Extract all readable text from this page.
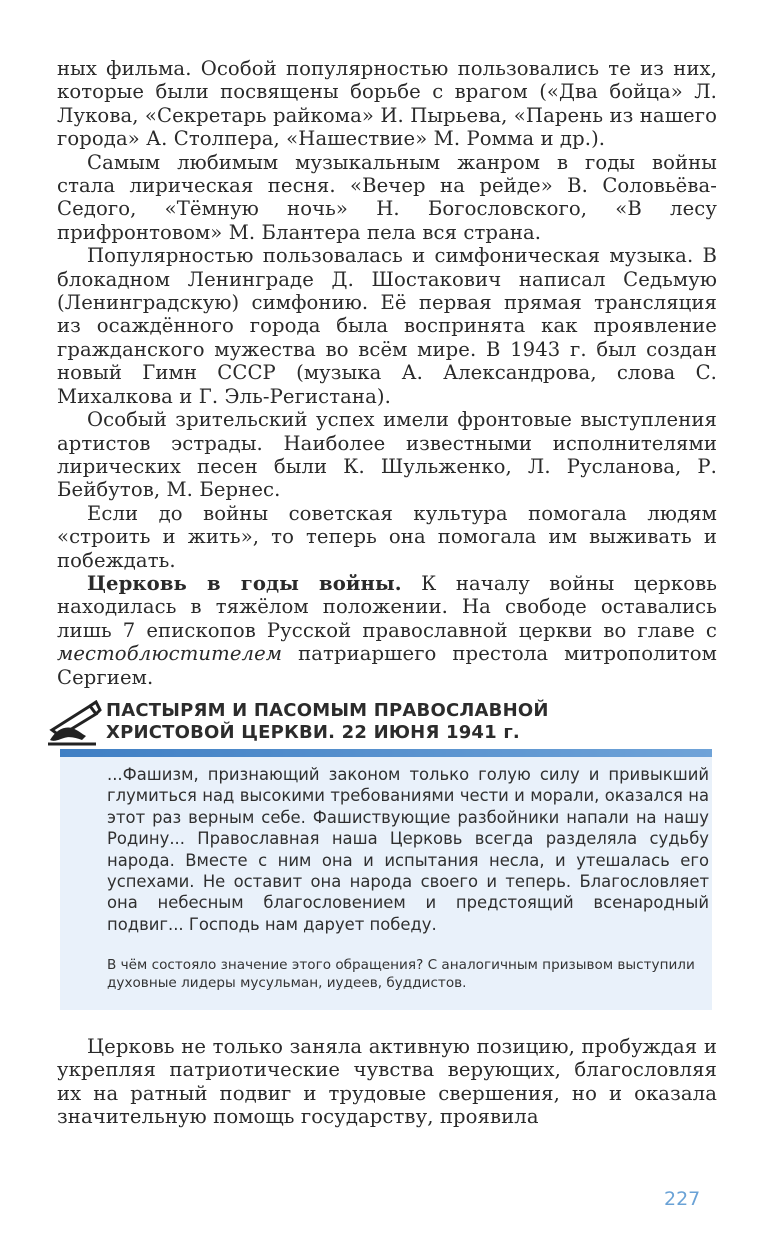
ных фильма. Особой популярностью пользовались те из них, которые были посвящены борьбе с врагом («Два бойца» Л. Лукова, «Секретарь райкома» И. Пырьева, «Парень из нашего города» А. Столпера, «Нашествие» М. Ромма и др.).

Самым любимым музыкальным жанром в годы войны стала лирическая песня. «Вечер на рейде» В. Соловьёва-Седого, «Тёмную ночь» Н. Богословского, «В лесу прифронтовом» М. Блантера пела вся страна.

Популярностью пользовалась и симфоническая музыка. В блокадном Ленинграде Д. Шостакович написал Седьмую (Ленинградскую) симфонию. Её первая прямая трансляция из осаждённого города была воспринята как проявление гражданского мужества во всём мире. В 1943 г. был создан новый Гимн СССР (музыка А. Александрова, слова С. Михалкова и Г. Эль-Регистана).

Особый зрительский успех имели фронтовые выступления артистов эстрады. Наиболее известными исполнителями лирических песен были К. Шульженко, Л. Русланова, Р. Бейбутов, М. Бернес.

Если до войны советская культура помогала людям «строить и жить», то теперь она помогала им выживать и побеждать.

Церковь в годы войны. К началу войны церковь находилась в тяжёлом положении. На свободе оставались лишь 7 епископов Русской православной церкви во главе с местоблюстителем патриаршего престола митрополитом Сергием.

ПАСТЫРЯМ И ПАСОМЫМ ПРАВОСЛАВНОЙ
ХРИСТОВОЙ ЦЕРКВИ. 22 ИЮНЯ 1941 г.

...Фашизм, признающий законом только голую силу и привыкший глумиться над высокими требованиями чести и морали, оказался на этот раз верным себе. Фашиствующие разбойники напали на нашу Родину... Православная наша Церковь всегда разделяла судьбу народа. Вместе с ним она и испытания несла, и утешалась его успехами. Не оставит она народа своего и теперь. Благословляет она небесным благословением и предстоящий всенародный подвиг... Господь нам дарует победу.

В чём состояло значение этого обращения? С аналогичным призывом выступили духовные лидеры мусульман, иудеев, буддистов.

Церковь не только заняла активную позицию, пробуждая и укрепляя патриотические чувства верующих, благословляя их на ратный подвиг и трудовые свершения, но и оказала значительную помощь государству, проявила

227
